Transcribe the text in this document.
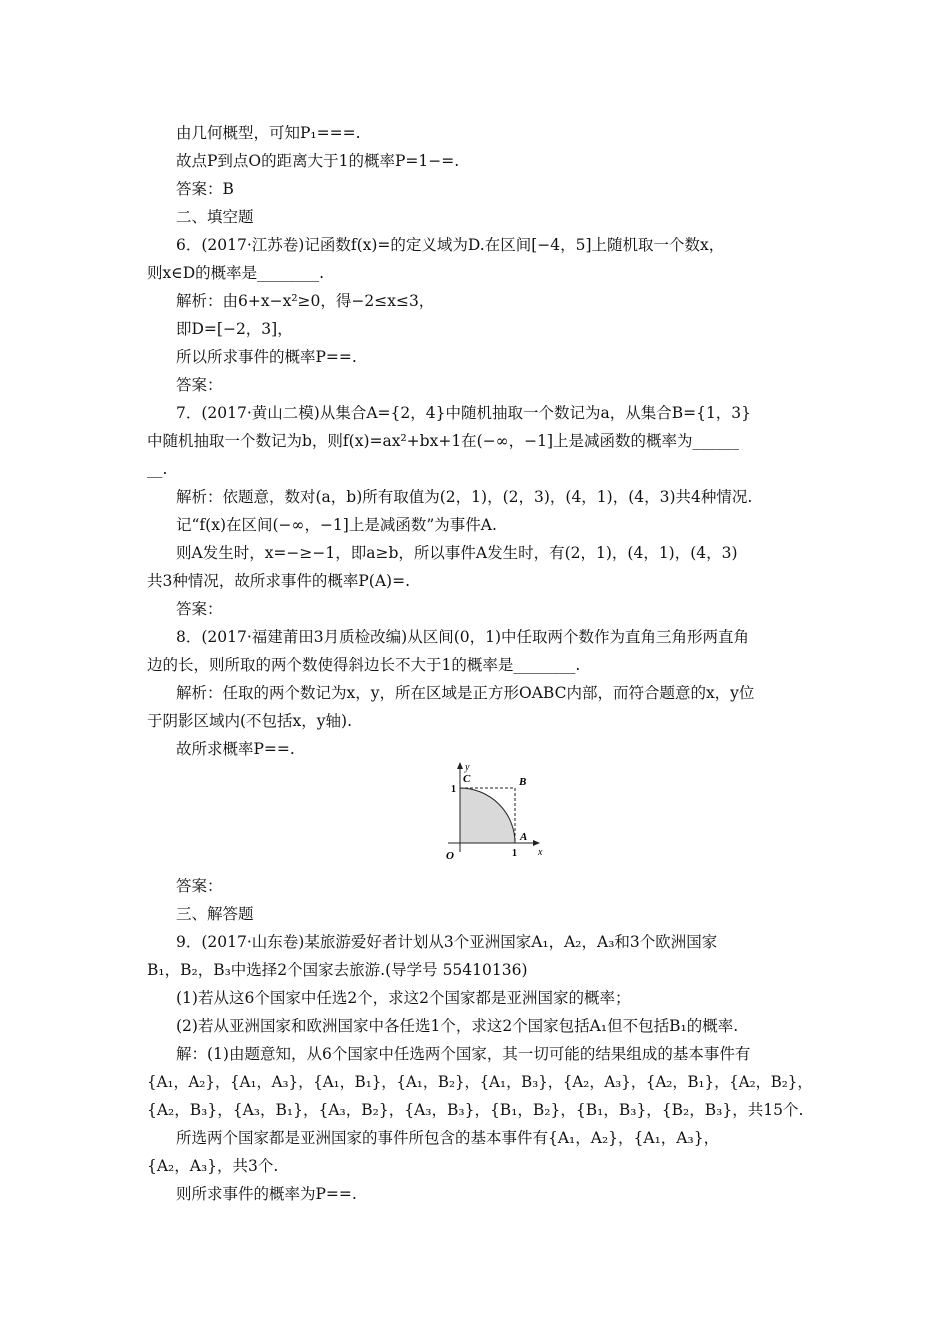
由几何概型，可知P₁===.
故点P到点O的距离大于1的概率P=1−=.
答案：B
二、填空题
6．(2017·江苏卷)记函数f(x)=的定义域为D.在区间[−4，5]上随机取一个数x，
则x∈D的概率是________.
解析：由6+x−x²≥0，得−2≤x≤3，
即D=[−2，3]，
所以所求事件的概率P==.
答案：
7．(2017·黄山二模)从集合A={2，4}中随机抽取一个数记为a，从集合B={1，3}
中随机抽取一个数记为b，则f(x)=ax²+bx+1在(−∞，−1]上是减函数的概率为______
__.
解析：依题意，数对(a，b)所有取值为(2，1)，(2，3)，(4，1)，(4，3)共4种情况.
记“f(x)在区间(−∞，−1]上是减函数”为事件A.
则A发生时，x=−≥−1，即a≥b，所以事件A发生时，有(2，1)，(4，1)，(4，3)
共3种情况，故所求事件的概率P(A)=.
答案：
8．(2017·福建莆田3月质检改编)从区间(0，1)中任取两个数作为直角三角形两直角
边的长，则所取的两个数使得斜边长不大于1的概率是________.
解析：任取的两个数记为x，y，所在区域是正方形OABC内部，而符合题意的x，y位
于阴影区域内(不包括x，y轴).
故所求概率P==.
y
x
O
C	B
A
1
1
答案：
三、解答题
9．(2017·山东卷)某旅游爱好者计划从3个亚洲国家A₁，A₂，A₃和3个欧洲国家
B₁，B₂，B₃中选择2个国家去旅游.(导学号 55410136)
(1)若从这6个国家中任选2个，求这2个国家都是亚洲国家的概率；
(2)若从亚洲国家和欧洲国家中各任选1个，求这2个国家包括A₁但不包括B₁的概率.
解：(1)由题意知，从6个国家中任选两个国家，其一切可能的结果组成的基本事件有
{A₁，A₂}，{A₁，A₃}，{A₁，B₁}，{A₁，B₂}，{A₁，B₃}，{A₂，A₃}，{A₂，B₁}，{A₂，B₂}，
{A₂，B₃}，{A₃，B₁}，{A₃，B₂}，{A₃，B₃}，{B₁，B₂}，{B₁，B₃}，{B₂，B₃}，共15个.
所选两个国家都是亚洲国家的事件所包含的基本事件有{A₁，A₂}，{A₁，A₃}，
{A₂，A₃}，共3个.
则所求事件的概率为P==.
